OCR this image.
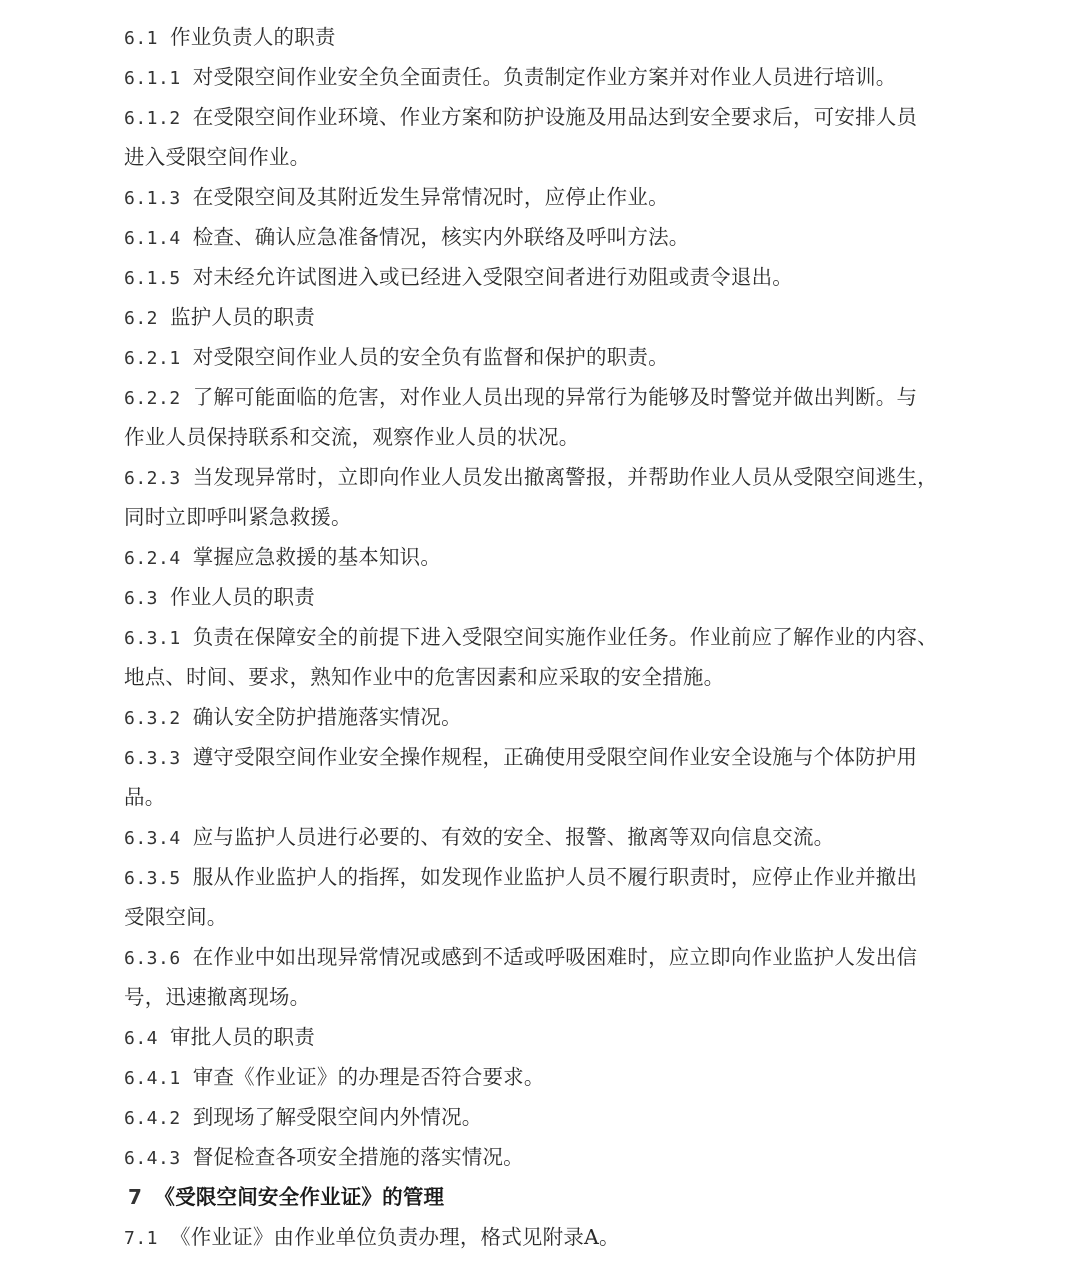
6.1 作业负责人的职责
6.1.1 对受限空间作业安全负全面责任。负责制定作业方案并对作业人员进行培训。
6.1.2 在受限空间作业环境、作业方案和防护设施及用品达到安全要求后，可安排人员
进入受限空间作业。
6.1.3 在受限空间及其附近发生异常情况时，应停止作业。
6.1.4 检查、确认应急准备情况，核实内外联络及呼叫方法。
6.1.5 对未经允许试图进入或已经进入受限空间者进行劝阻或责令退出。
6.2 监护人员的职责
6.2.1 对受限空间作业人员的安全负有监督和保护的职责。
6.2.2 了解可能面临的危害，对作业人员出现的异常行为能够及时警觉并做出判断。与
作业人员保持联系和交流，观察作业人员的状况。
6.2.3 当发现异常时，立即向作业人员发出撤离警报，并帮助作业人员从受限空间逃生，
同时立即呼叫紧急救援。
6.2.4 掌握应急救援的基本知识。
6.3 作业人员的职责
6.3.1 负责在保障安全的前提下进入受限空间实施作业任务。作业前应了解作业的内容、
地点、时间、要求，熟知作业中的危害因素和应采取的安全措施。
6.3.2 确认安全防护措施落实情况。
6.3.3 遵守受限空间作业安全操作规程，正确使用受限空间作业安全设施与个体防护用
品。
6.3.4 应与监护人员进行必要的、有效的安全、报警、撤离等双向信息交流。
6.3.5 服从作业监护人的指挥，如发现作业监护人员不履行职责时，应停止作业并撤出
受限空间。
6.3.6 在作业中如出现异常情况或感到不适或呼吸困难时，应立即向作业监护人发出信
号，迅速撤离现场。
6.4 审批人员的职责
6.4.1 审查《作业证》的办理是否符合要求。
6.4.2 到现场了解受限空间内外情况。
6.4.3 督促检查各项安全措施的落实情况。
7 《受限空间安全作业证》的管理
7.1 《作业证》由作业单位负责办理，格式见附录A。
